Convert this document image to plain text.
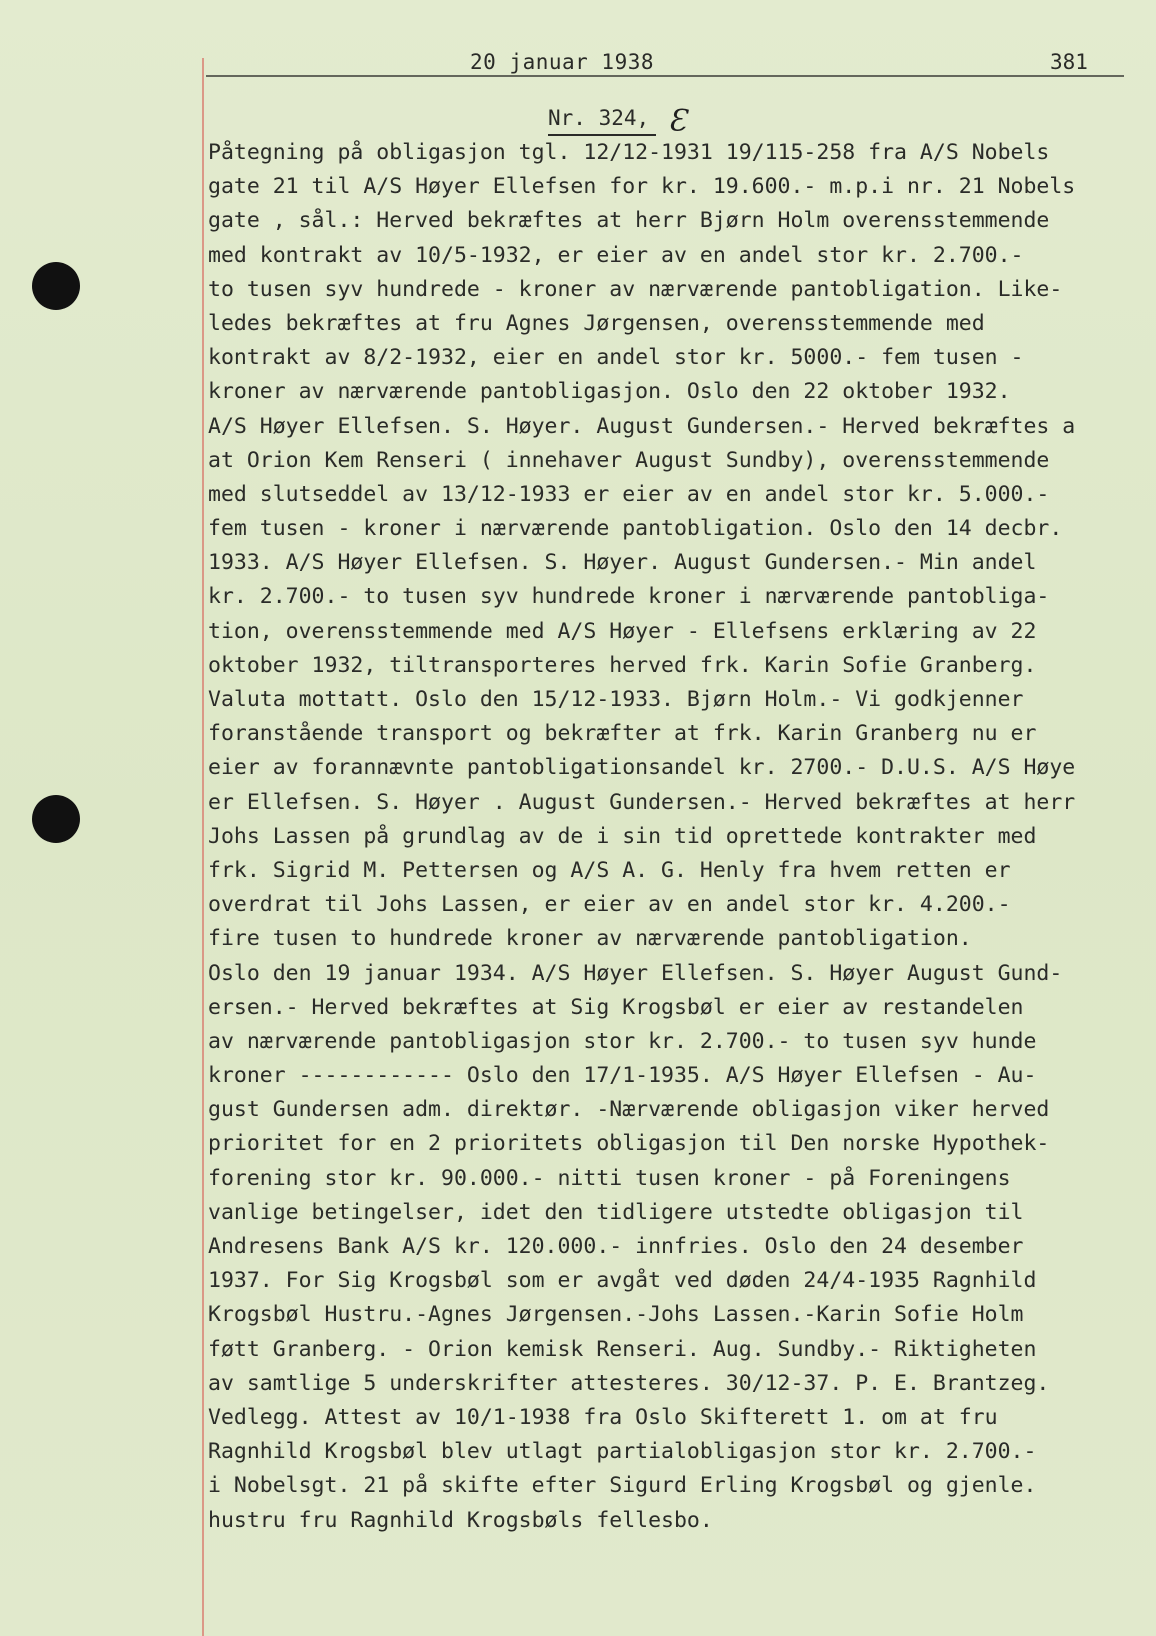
20 januar 1938	381
Nr. 324, Ɛ
Påtegning på obligasjon tgl. 12/12-1931 19/115-258 fra A/S Nobels
gate 21 til A/S Høyer Ellefsen for kr. 19.600.- m.p.i nr. 21 Nobels
gate , sål.: Herved bekræftes at herr Bjørn Holm overensstemmende
med kontrakt av 10/5-1932, er eier av en andel stor kr. 2.700.-
to tusen syv hundrede - kroner av nærværende pantobligation. Like-
ledes bekræftes at fru Agnes Jørgensen, overensstemmende med
kontrakt av 8/2-1932, eier en andel stor kr. 5000.- fem tusen -
kroner av nærværende pantobligasjon. Oslo den 22 oktober 1932.
A/S Høyer Ellefsen. S. Høyer. August Gundersen.- Herved bekræftes a
at Orion Kem Renseri ( innehaver August Sundby), overensstemmende
med slutseddel av 13/12-1933 er eier av en andel stor kr. 5.000.-
fem tusen - kroner i nærværende pantobligation. Oslo den 14 decbr.
1933. A/S Høyer Ellefsen. S. Høyer. August Gundersen.- Min andel
kr. 2.700.- to tusen syv hundrede kroner i nærværende pantobliga-
tion, overensstemmende med A/S Høyer - Ellefsens erklæring av 22
oktober 1932, tiltransporteres herved frk. Karin Sofie Granberg.
Valuta mottatt. Oslo den 15/12-1933. Bjørn Holm.- Vi godkjenner
foranstående transport og bekræfter at frk. Karin Granberg nu er
eier av forannævnte pantobligationsandel kr. 2700.- D.U.S. A/S Høye
er Ellefsen. S. Høyer . August Gundersen.- Herved bekræftes at herr
Johs Lassen på grundlag av de i sin tid oprettede kontrakter med
frk. Sigrid M. Pettersen og A/S A. G. Henly fra hvem retten er
overdrat til Johs Lassen, er eier av en andel stor kr. 4.200.-
fire tusen to hundrede kroner av nærværende pantobligation.
Oslo den 19 januar 1934. A/S Høyer Ellefsen. S. Høyer August Gund-
ersen.- Herved bekræftes at Sig Krogsbøl er eier av restandelen
av nærværende pantobligasjon stor kr. 2.700.- to tusen syv hunde
kroner ------------ Oslo den 17/1-1935. A/S Høyer Ellefsen - Au-
gust Gundersen adm. direktør. -Nærværende obligasjon viker herved
prioritet for en 2 prioritets obligasjon til Den norske Hypothek-
forening stor kr. 90.000.- nitti tusen kroner - på Foreningens
vanlige betingelser, idet den tidligere utstedte obligasjon til
Andresens Bank A/S kr. 120.000.- innfries. Oslo den 24 desember
1937. For Sig Krogsbøl som er avgåt ved døden 24/4-1935 Ragnhild
Krogsbøl Hustru.-Agnes Jørgensen.-Johs Lassen.-Karin Sofie Holm
føtt Granberg. - Orion kemisk Renseri. Aug. Sundby.- Riktigheten
av samtlige 5 underskrifter attesteres. 30/12-37. P. E. Brantzeg.
Vedlegg. Attest av 10/1-1938 fra Oslo Skifterett 1. om at fru
Ragnhild Krogsbøl blev utlagt partialobligasjon stor kr. 2.700.-
i Nobelsgt. 21 på skifte efter Sigurd Erling Krogsbøl og gjenle.
hustru fru Ragnhild Krogsbøls fellesbo.
